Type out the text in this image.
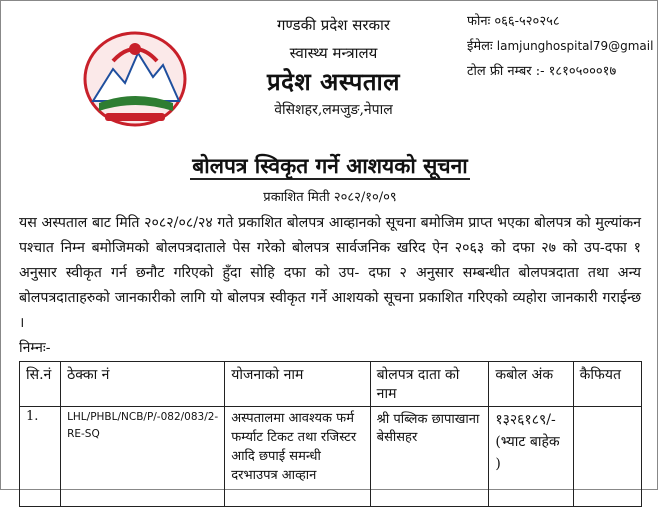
गण्डकी प्रदेश सरकार
स्वास्थ्य मन्त्रालय
प्रदेश अस्पताल
वेसिशहर,लमजुङ,नेपाल
फोनः ०६६-५२०२५८
ईमेलः lamjunghospital79@gmail
टोल फ्री नम्बर :- १८१०५०००१७
बोलपत्र स्विकृत गर्ने आशयको सूचना
प्रकाशित मिती २०८२/१०/०९
यस अस्पताल बाट मिति २०८२/०८/२४ गते प्रकाशित बोलपत्र आव्हानको सूचना बमोजिम प्राप्त भएका बोलपत्र को मुल्यांकन पश्चात निम्न बमोजिमको बोलपत्रदाताले पेस गरेको बोलपत्र सार्वजनिक खरिद ऐन २०६३ को दफा २७ को उप-दफा १ अनुसार स्वीकृत गर्न छनौट गरिएको हुँदा सोहि दफा को उप- दफा २ अनुसार सम्बन्धीत बोलपत्रदाता तथा अन्य बोलपत्रदाताहरुको जानकारीको लागि यो बोलपत्र स्वीकृत गर्ने आशयको सूचना प्रकाशित गरिएको व्यहोरा जानकारी गराईन्छ ।
निम्नः-
सि.नं	ठेक्का नं	योजनाको नाम	बोलपत्र दाता को नाम	कबोल अंक	कैफियत
1.	LHL/PHBL/NCB/P/-082/083/2-RE-SQ	अस्पतालमा आवश्यक फर्म फर्म्याट टिकट तथा रजिस्टर आदि छपाई समन्धी दरभाउपत्र आव्हान	श्री पब्लिक छापाखाना बेसीसहर	१३२६१८९/- (भ्याट बाहेक )	
